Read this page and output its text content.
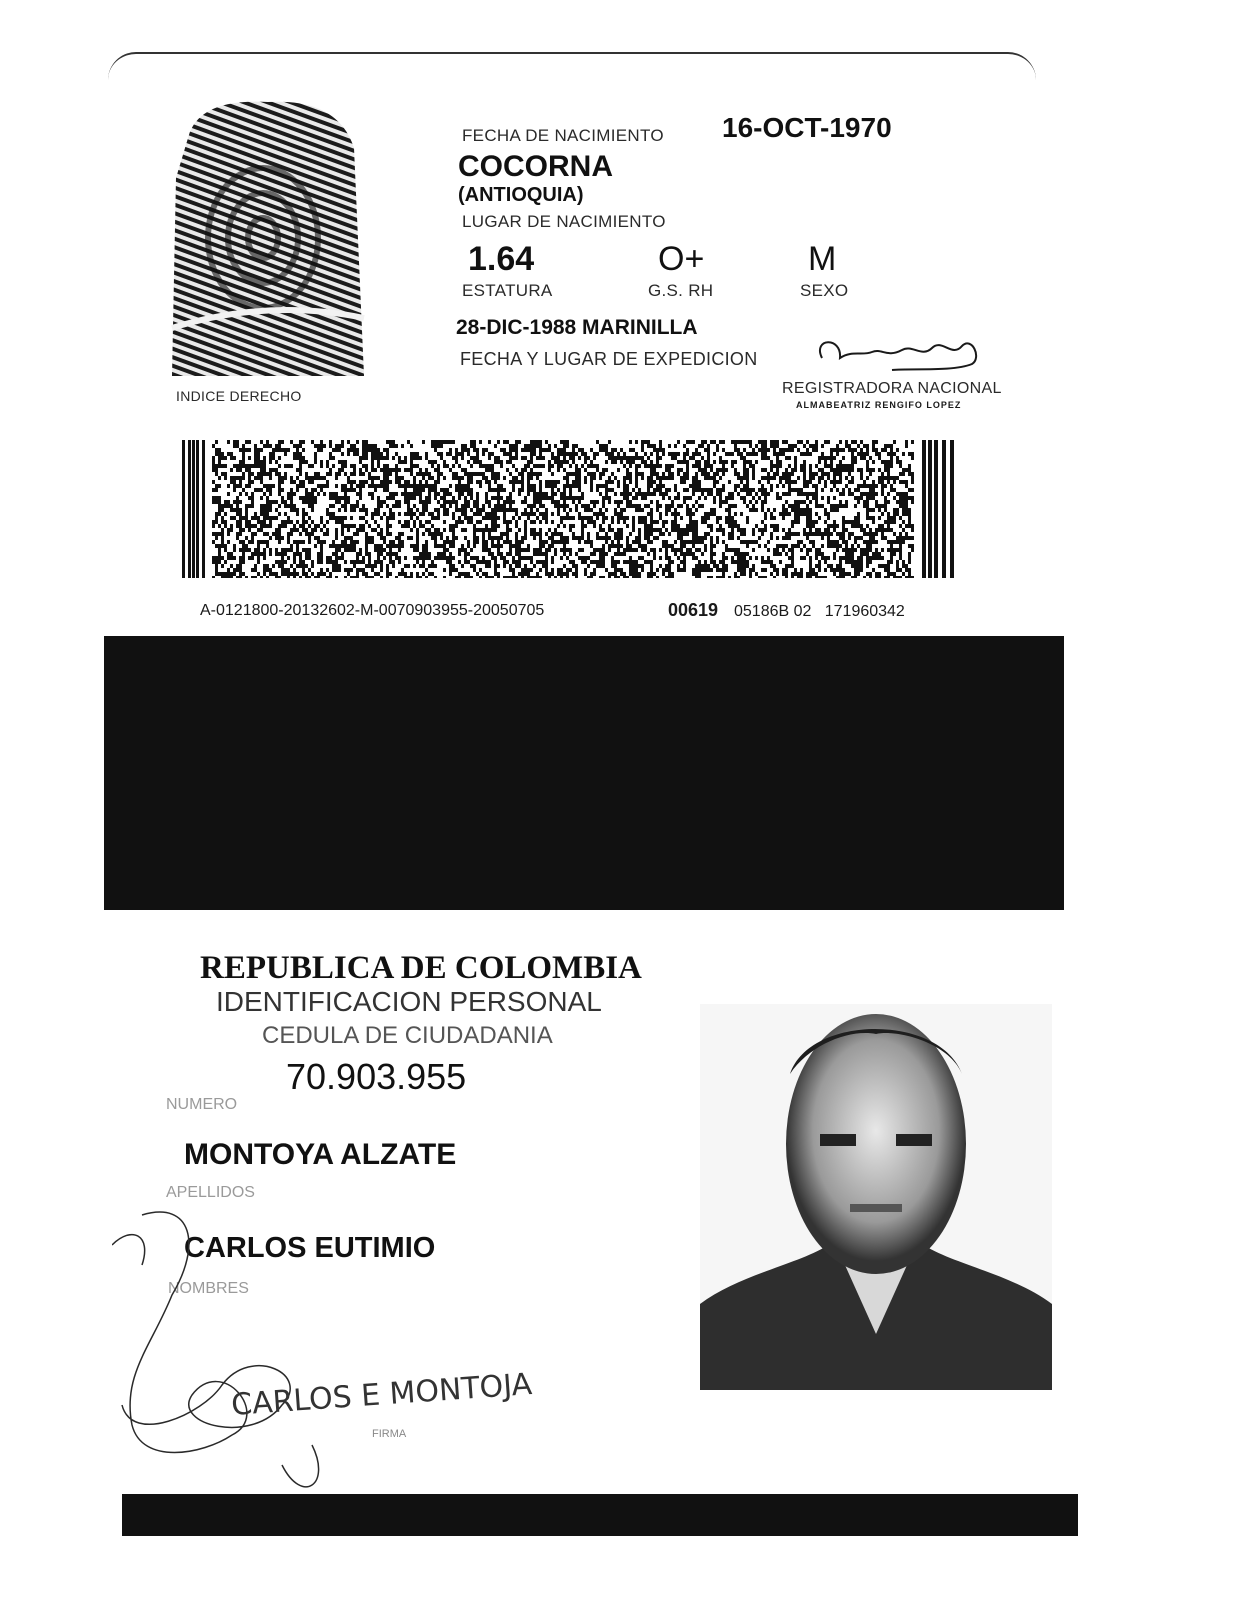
INDICE DERECHO
FECHA DE NACIMIENTO 16-OCT-1970
COCORNA
(ANTIOQUIA)
LUGAR DE NACIMIENTO
1.64
ESTATURA
O+
G.S. RH
M
SEXO
28-DIC-1988 MARINILLA
FECHA Y LUGAR DE EXPEDICION
REGISTRADORA NACIONAL
ALMABEATRIZ RENGIFO LOPEZ
A-0121800-20132602-M-0070903955-20050705	00619 05186B 02   171960342
REPUBLICA DE COLOMBIA
IDENTIFICACION PERSONAL
CEDULA DE CIUDADANIA
70.903.955
NUMERO
MONTOYA ALZATE
APELLIDOS
CARLOS EUTIMIO
NOMBRES
CARLOS E MONTOJA
FIRMA
